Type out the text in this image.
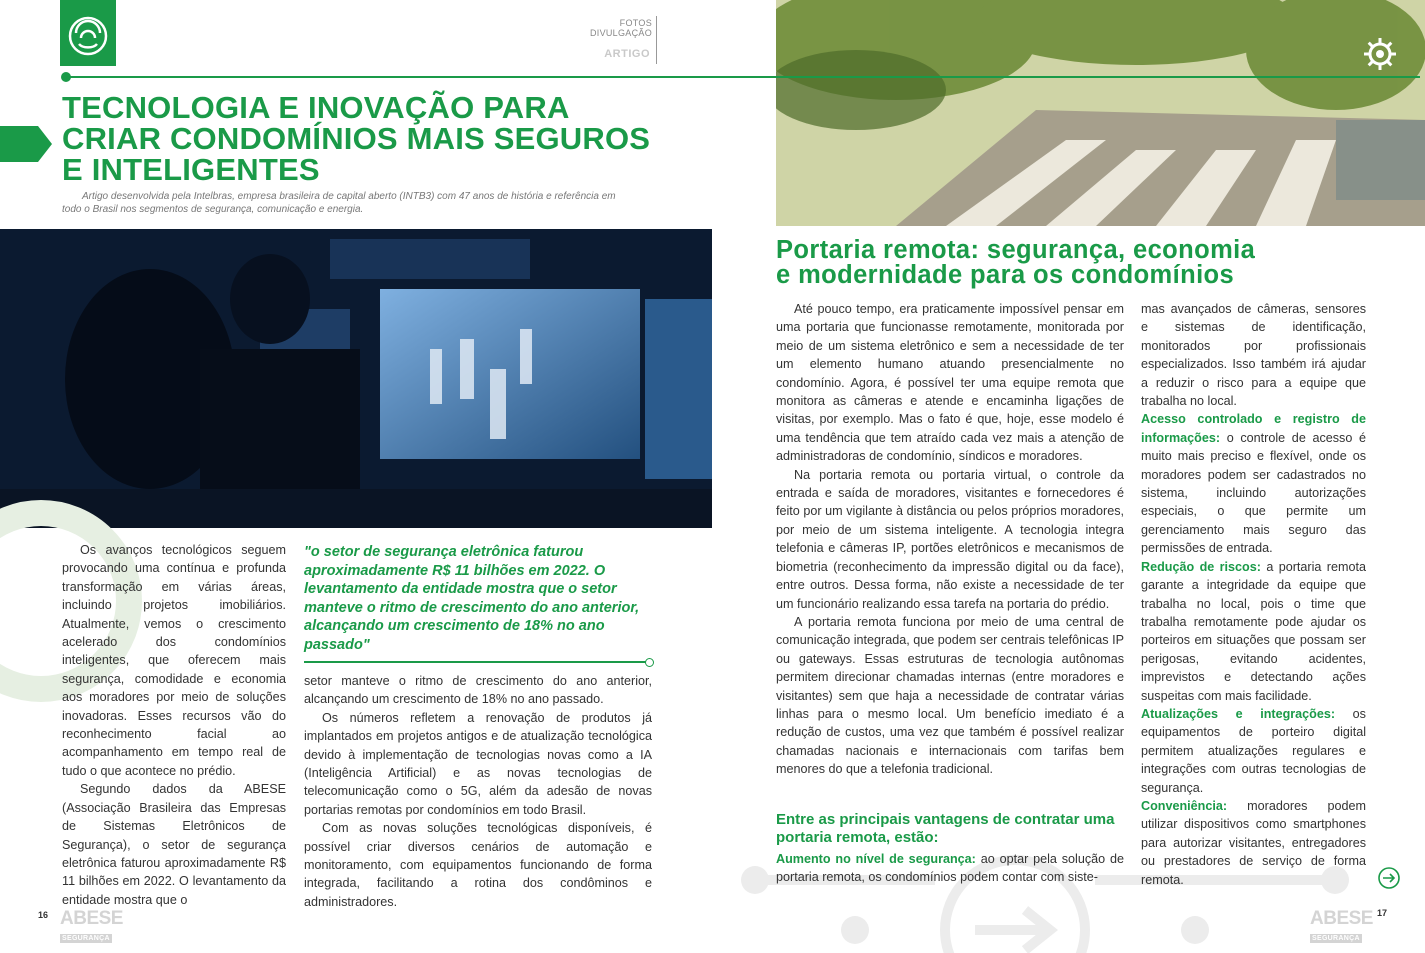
TECNOLOGIA E INOVAÇÃO PARA
CRIAR CONDOMÍNIOS MAIS SEGUROS
E INTELIGENTES
Artigo desenvolvida pela Intelbras, empresa brasileira de capital aberto (INTB3) com 47 anos de história e referência em todo o Brasil nos segmentos de segurança, comunicação e energia.

Os avanços tecnológicos seguem provocando uma contínua e profunda transformação em várias áreas, incluindo projetos imobiliários. Atualmente, vemos o crescimento acelerado dos condomínios inteligentes, que oferecem mais segurança, comodidade e economia aos moradores por meio de soluções inovadoras. Esses recursos vão do reconhecimento facial ao acompanhamento em tempo real de tudo o que acontece no prédio.

Segundo dados da ABESE (Associação Brasileira das Empresas de Sistemas Eletrônicos de Segurança), o setor de segurança eletrônica faturou aproximadamente R$ 11 bilhões em 2022. O levantamento da entidade mostra que o

"o setor de segurança eletrônica faturou aproximadamente R$ 11 bilhões em 2022. O levantamento da entidade mostra que o setor manteve o ritmo de crescimento do ano anterior, alcançando um crescimento de 18% no ano passado"

setor manteve o ritmo de crescimento do ano anterior, alcançando um crescimento de 18% no ano passado.

Os números refletem a renovação de produtos já implantados em projetos antigos e de atualização tecnológica devido à implementação de tecnologias novas como a IA (Inteligência Artificial) e as novas tecnologias de telecomunicação como o 5G, além da adesão de novas portarias remotas por condomínios em todo Brasil.

Com as novas soluções tecnológicas disponíveis, é possível criar diversos cenários de automação e monitoramento, com equipamentos funcionando de forma integrada, facilitando a rotina dos condôminos e administradores.

16 ABESE
SEGURANÇA
FOTOS
DIVULGAÇÃO
ARTIGO
Portaria remota: segurança, economia
e modernidade para os condomínios

Até pouco tempo, era praticamente impossível pensar em uma portaria que funcionasse remotamente, monitorada por meio de um sistema eletrônico e sem a necessidade de ter um elemento humano atuando presencialmente no condomínio. Agora, é possível ter uma equipe remota que monitora as câmeras e atende e encaminha ligações de visitas, por exemplo. Mas o fato é que, hoje, esse modelo é uma tendência que tem atraído cada vez mais a atenção de administradoras de condomínio, síndicos e moradores.

Na portaria remota ou portaria virtual, o controle da entrada e saída de moradores, visitantes e fornecedores é feito por um vigilante à distância ou pelos próprios moradores, por meio de um sistema inteligente. A tecnologia integra telefonia e câmeras IP, portões eletrônicos e mecanismos de biometria (reconhecimento da impressão digital ou da face), entre outros. Dessa forma, não existe a necessidade de ter um funcionário realizando essa tarefa na portaria do prédio.

A portaria remota funciona por meio de uma central de comunicação integrada, que podem ser centrais telefônicas IP ou gateways. Essas estruturas de tecnologia autônomas permitem direcionar chamadas internas (entre moradores e visitantes) sem que haja a necessidade de contratar várias linhas para o mesmo local. Um benefício imediato é a redução de custos, uma vez que também é possível realizar chamadas nacionais e internacionais com tarifas bem menores do que a telefonia tradicional.

Entre as principais vantagens de contratar uma portaria remota, estão:

Aumento no nível de segurança: ao optar pela solução de portaria remota, os condomínios podem contar com siste-

mas avançados de câmeras, sensores e sistemas de identificação, monitorados por profissionais especializados. Isso também irá ajudar a reduzir o risco para a equipe que trabalha no local.

Acesso controlado e registro de informações: o controle de acesso é muito mais preciso e flexível, onde os moradores podem ser cadastrados no sistema, incluindo autorizações especiais, o que permite um gerenciamento mais seguro das permissões de entrada.

Redução de riscos: a portaria remota garante a integridade da equipe que trabalha no local, pois o time que trabalha remotamente pode ajudar os porteiros em situações que possam ser perigosas, evitando acidentes, imprevistos e detectando ações suspeitas com mais facilidade.

Atualizações e integrações: os equipamentos de porteiro digital permitem atualizações regulares e integrações com outras tecnologias de segurança.

Conveniência: moradores podem utilizar dispositivos como smartphones para autorizar visitantes, entregadores ou prestadores de serviço de forma remota.

ABESE
SEGURANÇA
17
